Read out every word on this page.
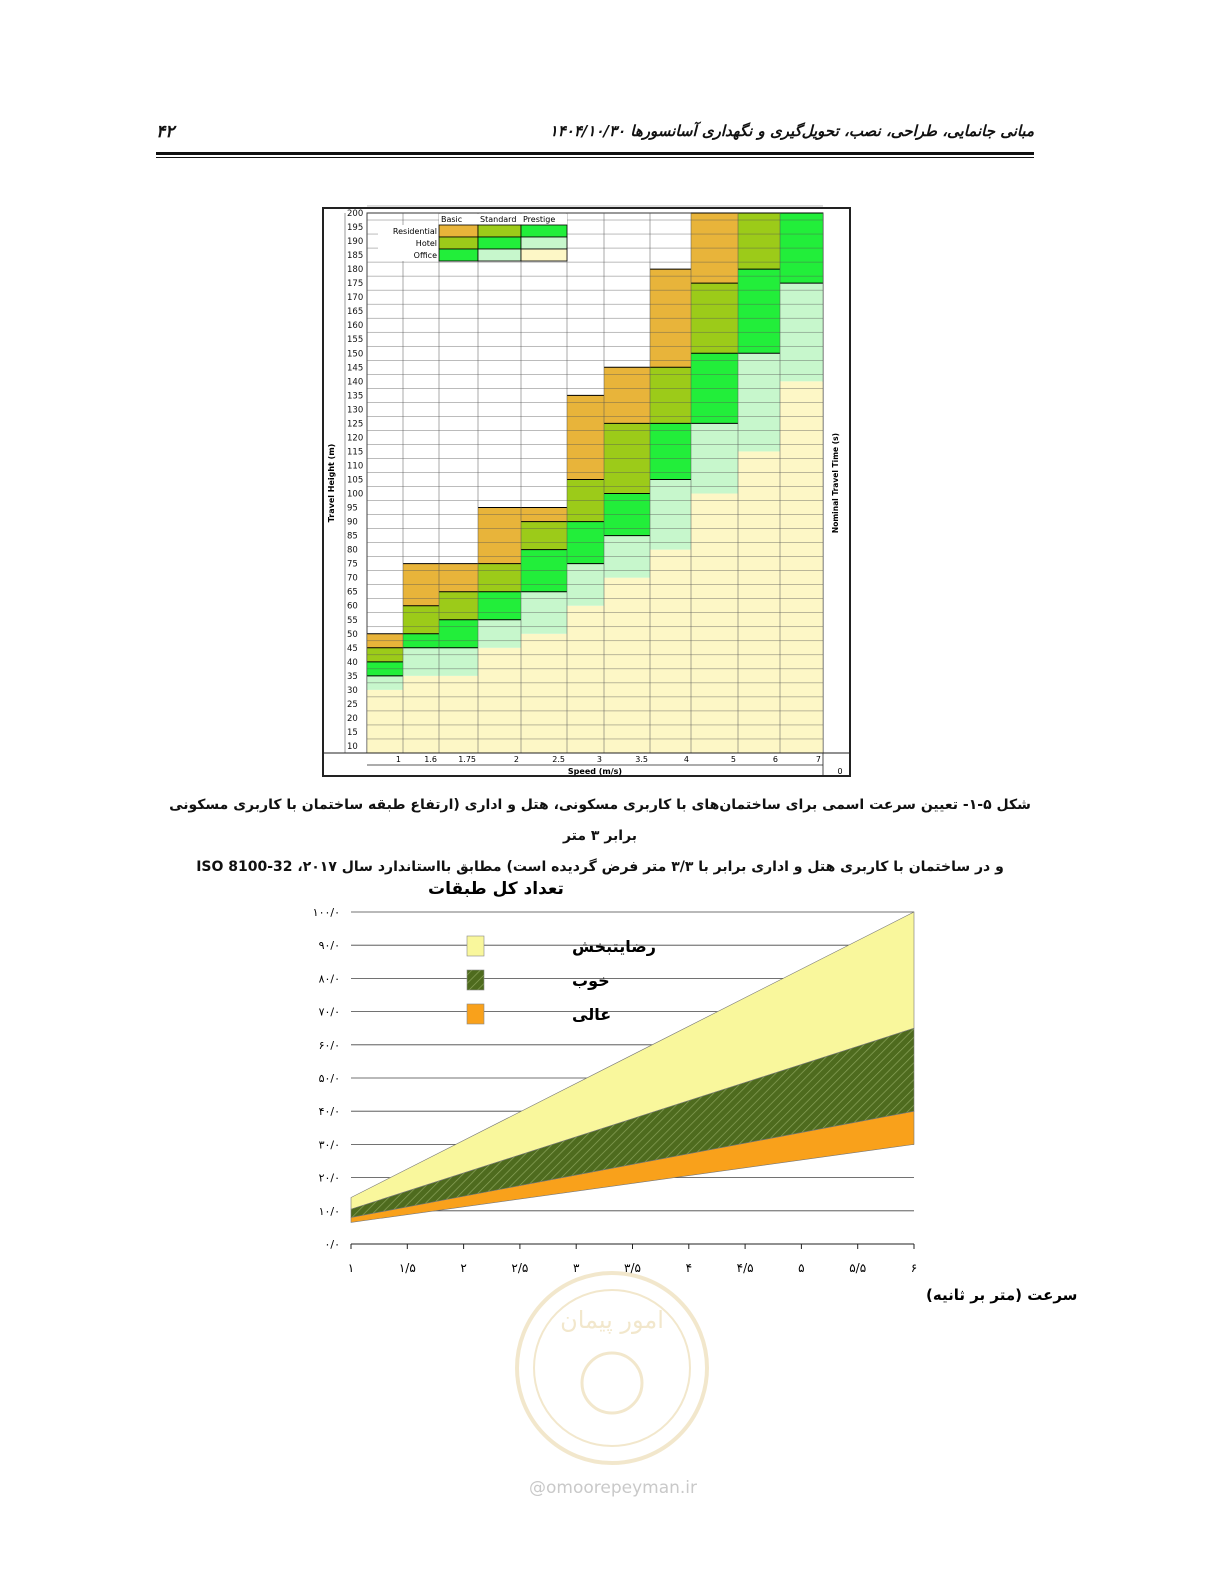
۴۲	مبانی جانمایی، طراحی، نصب، تحویل‌گیری و نگهداری آسانسورها ۱۴۰۴/۱۰/۳۰
200
195
190
185
180
175
170
165
160
155
150
145
140
135
130
125
120
115
110
105
100
95
90
85
80
75
70
65
60
55
50
45
40
35
30
25
20
15
10
Travel Height (m)	Nominal Travel Time (s)
1	1.6	1.75	2	2.5	3	3.5	4	5	6	7
Speed (m/s)	0
Basic Standard Prestige
Residential
Hotel
Office
شکل ۵-۱- تعیین سرعت اسمی برای ساختمان‌های با کاربری مسکونی، هتل و اداری (ارتفاع طبقه ساختمان با کاربری مسکونی برابر ۳ متر
و در ساختمان با کاربری هتل و اداری برابر با ۳/۳ متر فرض گردیده است) مطابق بااستاندارد سال ۲۰۱۷، ISO 8100-32
تعداد کل طبقات
۰/۰
۱۰/۰
۲۰/۰
۳۰/۰
۴۰/۰
۵۰/۰
۶۰/۰
۷۰/۰
۸۰/۰
۹۰/۰
۱۰۰/۰
۱	۱/۵	۲	۲/۵	۳	۳/۵	۴	۴/۵	۵	۵/۵	۶
سرعت (متر بر ثانیه)
رضایتبخش
خوب
عالی
امور پیمان
@omoorepeyman.ir
